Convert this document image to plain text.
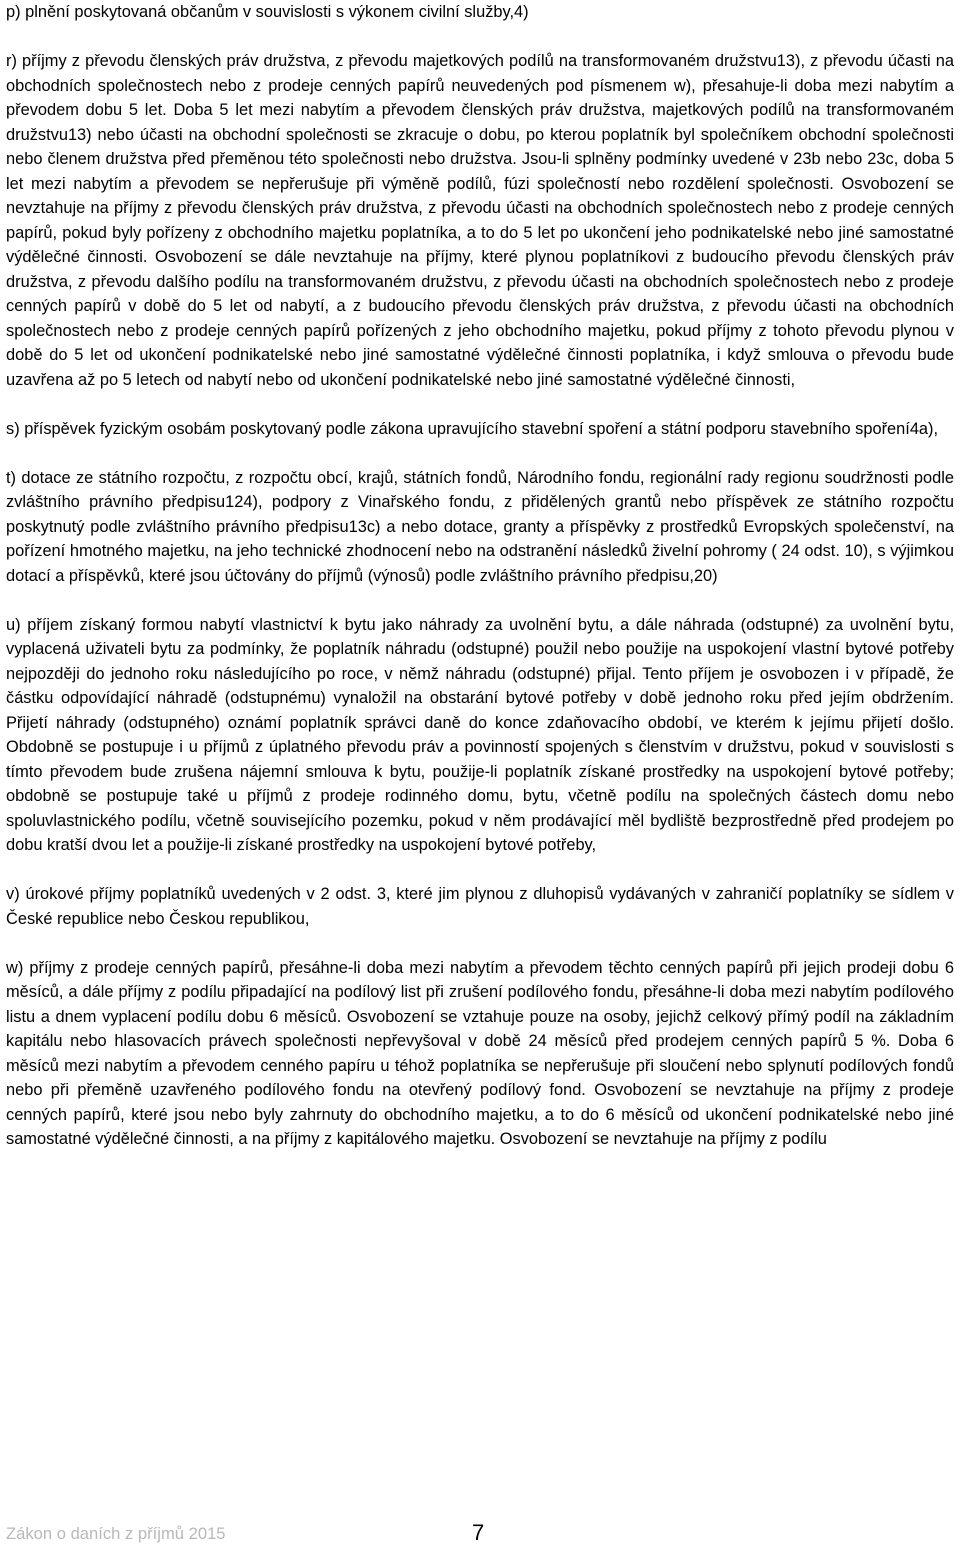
p) plnění poskytovaná občanům v souvislosti s výkonem civilní služby,4)

r) příjmy z převodu členských práv družstva, z převodu majetkových podílů na transformovaném družstvu13), z převodu účasti na obchodních společnostech nebo z prodeje cenných papírů neuvedených pod písmenem w), přesahuje-li doba mezi nabytím a převodem dobu 5 let. Doba 5 let mezi nabytím a převodem členských práv družstva, majetkových podílů na transformovaném družstvu13) nebo účasti na obchodní společnosti se zkracuje o dobu, po kterou poplatník byl společníkem obchodní společnosti nebo členem družstva před přeměnou této společnosti nebo družstva. Jsou-li splněny podmínky uvedené v 23b nebo 23c, doba 5 let mezi nabytím a převodem se nepřerušuje při výměně podílů, fúzi společností nebo rozdělení společnosti. Osvobození se nevztahuje na příjmy z převodu členských práv družstva, z převodu účasti na obchodních společnostech nebo z prodeje cenných papírů, pokud byly pořízeny z obchodního majetku poplatníka, a to do 5 let po ukončení jeho podnikatelské nebo jiné samostatné výdělečné činnosti. Osvobození se dále nevztahuje na příjmy, které plynou poplatníkovi z budoucího převodu členských práv družstva, z převodu dalšího podílu na transformovaném družstvu, z převodu účasti na obchodních společnostech nebo z prodeje cenných papírů v době do 5 let od nabytí, a z budoucího převodu členských práv družstva, z převodu účasti na obchodních společnostech nebo z prodeje cenných papírů pořízených z jeho obchodního majetku, pokud příjmy z tohoto převodu plynou v době do 5 let od ukončení podnikatelské nebo jiné samostatné výdělečné činnosti poplatníka, i když smlouva o převodu bude uzavřena až po 5 letech od nabytí nebo od ukončení podnikatelské nebo jiné samostatné výdělečné činnosti,

s) příspěvek fyzickým osobám poskytovaný podle zákona upravujícího stavební spoření a státní podporu stavebního spoření4a),

t) dotace ze státního rozpočtu, z rozpočtu obcí, krajů, státních fondů, Národního fondu, regionální rady regionu soudržnosti podle zvláštního právního předpisu124), podpory z Vinařského fondu, z přidělených grantů nebo příspěvek ze státního rozpočtu poskytnutý podle zvláštního právního předpisu13c) a nebo dotace, granty a příspěvky z prostředků Evropských společenství, na pořízení hmotného majetku, na jeho technické zhodnocení nebo na odstranění následků živelní pohromy ( 24 odst. 10), s výjimkou dotací a příspěvků, které jsou účtovány do příjmů (výnosů) podle zvláštního právního předpisu,20)

u) příjem získaný formou nabytí vlastnictví k bytu jako náhrady za uvolnění bytu, a dále náhrada (odstupné) za uvolnění bytu, vyplacená uživateli bytu za podmínky, že poplatník náhradu (odstupné) použil nebo použije na uspokojení vlastní bytové potřeby nejpozději do jednoho roku následujícího po roce, v němž náhradu (odstupné) přijal. Tento příjem je osvobozen i v případě, že částku odpovídající náhradě (odstupnému) vynaložil na obstarání bytové potřeby v době jednoho roku před jejím obdržením. Přijetí náhrady (odstupného) oznámí poplatník správci daně do konce zdaňovacího období, ve kterém k jejímu přijetí došlo. Obdobně se postupuje i u příjmů z úplatného převodu práv a povinností spojených s členstvím v družstvu, pokud v souvislosti s tímto převodem bude zrušena nájemní smlouva k bytu, použije-li poplatník získané prostředky na uspokojení bytové potřeby; obdobně se postupuje také u příjmů z prodeje rodinného domu, bytu, včetně podílu na společných částech domu nebo spoluvlastnického podílu, včetně souvisejícího pozemku, pokud v něm prodávající měl bydliště bezprostředně před prodejem po dobu kratší dvou let a použije-li získané prostředky na uspokojení bytové potřeby,

v) úrokové příjmy poplatníků uvedených v 2 odst. 3, které jim plynou z dluhopisů vydávaných v zahraničí poplatníky se sídlem v České republice nebo Českou republikou,

w) příjmy z prodeje cenných papírů, přesáhne-li doba mezi nabytím a převodem těchto cenných papírů při jejich prodeji dobu 6 měsíců, a dále příjmy z podílu připadající na podílový list při zrušení podílového fondu, přesáhne-li doba mezi nabytím podílového listu a dnem vyplacení podílu dobu 6 měsíců. Osvobození se vztahuje pouze na osoby, jejichž celkový přímý podíl na základním kapitálu nebo hlasovacích právech společnosti nepřevyšoval v době 24 měsíců před prodejem cenných papírů 5 %. Doba 6 měsíců mezi nabytím a převodem cenného papíru u téhož poplatníka se nepřerušuje při sloučení nebo splynutí podílových fondů nebo při přeměně uzavřeného podílového fondu na otevřený podílový fond. Osvobození se nevztahuje na příjmy z prodeje cenných papírů, které jsou nebo byly zahrnuty do obchodního majetku, a to do 6 měsíců od ukončení podnikatelské nebo jiné samostatné výdělečné činnosti, a na příjmy z kapitálového majetku. Osvobození se nevztahuje na příjmy z podílu

Zákon o daních z příjmů 2015	7
